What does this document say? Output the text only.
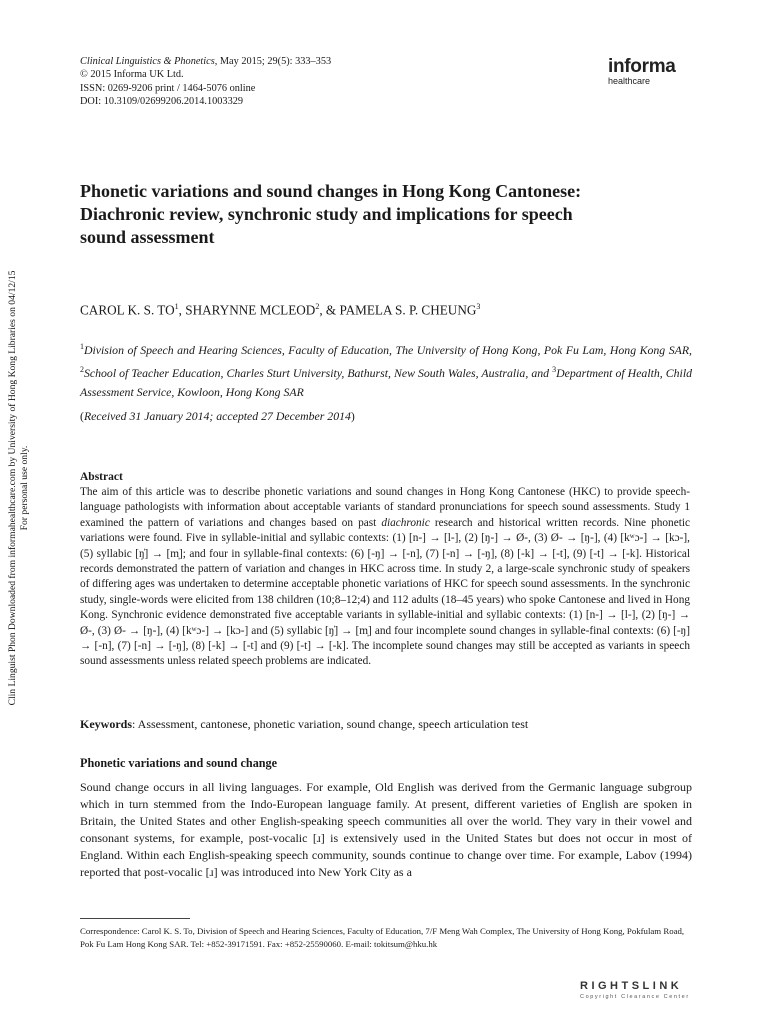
Clin Linguist Phon Downloaded from informahealthcare.com by University of Hong Kong Libraries on 04/12/15 For personal use only.
Clinical Linguistics & Phonetics, May 2015; 29(5): 333–353
© 2015 Informa UK Ltd.
ISSN: 0269-9206 print / 1464-5076 online
DOI: 10.3109/02699206.2014.1003329
informa
healthcare
Phonetic variations and sound changes in Hong Kong Cantonese:
Diachronic review, synchronic study and implications for speech
sound assessment
CAROL K. S. $TO^1$, SHARYNNE MCLEOD$^2$, & PAMELA S. P. CHEUNG$^3$
$^1$Division of Speech and Hearing Sciences, Faculty of Education, The University of Hong Kong, Pok Fu Lam, Hong Kong SAR, $^2$School of Teacher Education, Charles Sturt University, Bathurst, New South Wales, Australia, and $^3$Department of Health, Child Assessment Service, Kowloon, Hong Kong SAR
(Received 31 January 2014; accepted 27 December 2014)
Abstract

The aim of this article was to describe phonetic variations and sound changes in Hong Kong Cantonese (HKC) to provide speech-language pathologists with information about acceptable variants of standard pronunciations for speech sound assessments. Study 1 examined the pattern of variations and changes based on past diachronic research and historical written records. Nine phonetic variations were found. Five in syllable-initial and syllabic contexts: (1) [n-] → [l-], (2) [ŋ-] → Ø-, (3) Ø- → [ŋ-], (4) [kʷɔ-] → [kɔ-], (5) syllabic [ŋ̍] → [m̩]; and four in syllable-final contexts: (6) [-ŋ] → [-n], (7) [-n] → [-ŋ], (8) [-k] → [-t], (9) [-t] → [-k]. Historical records demonstrated the pattern of variation and changes in HKC across time. In study 2, a large-scale synchronic study of speakers of differing ages was undertaken to determine acceptable phonetic variations of HKC for speech sound assessments. In the synchronic study, single-words were elicited from 138 children (10;8–12;4) and 112 adults (18–45 years) who spoke Cantonese and lived in Hong Kong. Synchronic evidence demonstrated five acceptable variants in syllable-initial and syllabic contexts: (1) [n-] → [l-], (2) [ŋ-] → Ø-, (3) Ø- → [ŋ-], (4) [kʷɔ-] → [kɔ-] and (5) syllabic [ŋ̍] → [m̩] and four incomplete sound changes in syllable-final contexts: (6) [-ŋ] → [-n], (7) [-n] → [-ŋ], (8) [-k] → [-t] and (9) [-t] → [-k]. The incomplete sound changes may still be accepted as variants in speech sound assessments unless related speech problems are indicated.

Keywords: Assessment, cantonese, phonetic variation, sound change, speech articulation test
Phonetic variations and sound change

Sound change occurs in all living languages. For example, Old English was derived from the Germanic language subgroup which in turn stemmed from the Indo-European language family. At present, different varieties of English are spoken in Britain, the United States and other English-speaking speech communities all over the world. They vary in their vowel and consonant systems, for example, post-vocalic [ɹ] is extensively used in the United States but does not occur in most of England. Within each English-speaking speech community, sounds continue to change over time. For example, Labov (1994) reported that post-vocalic [ɹ] was introduced into New York City as a

Correspondence: Carol K. S. To, Division of Speech and Hearing Sciences, Faculty of Education, 7/F Meng Wah Complex, The University of Hong Kong, Pokfulam Road, Pok Fu Lam Hong Kong SAR. Tel: +852-39171591. Fax: +852-25590060. E-mail: tokitsum@hku.hk
RIGHTSLINK
Copyright Clearance Center
